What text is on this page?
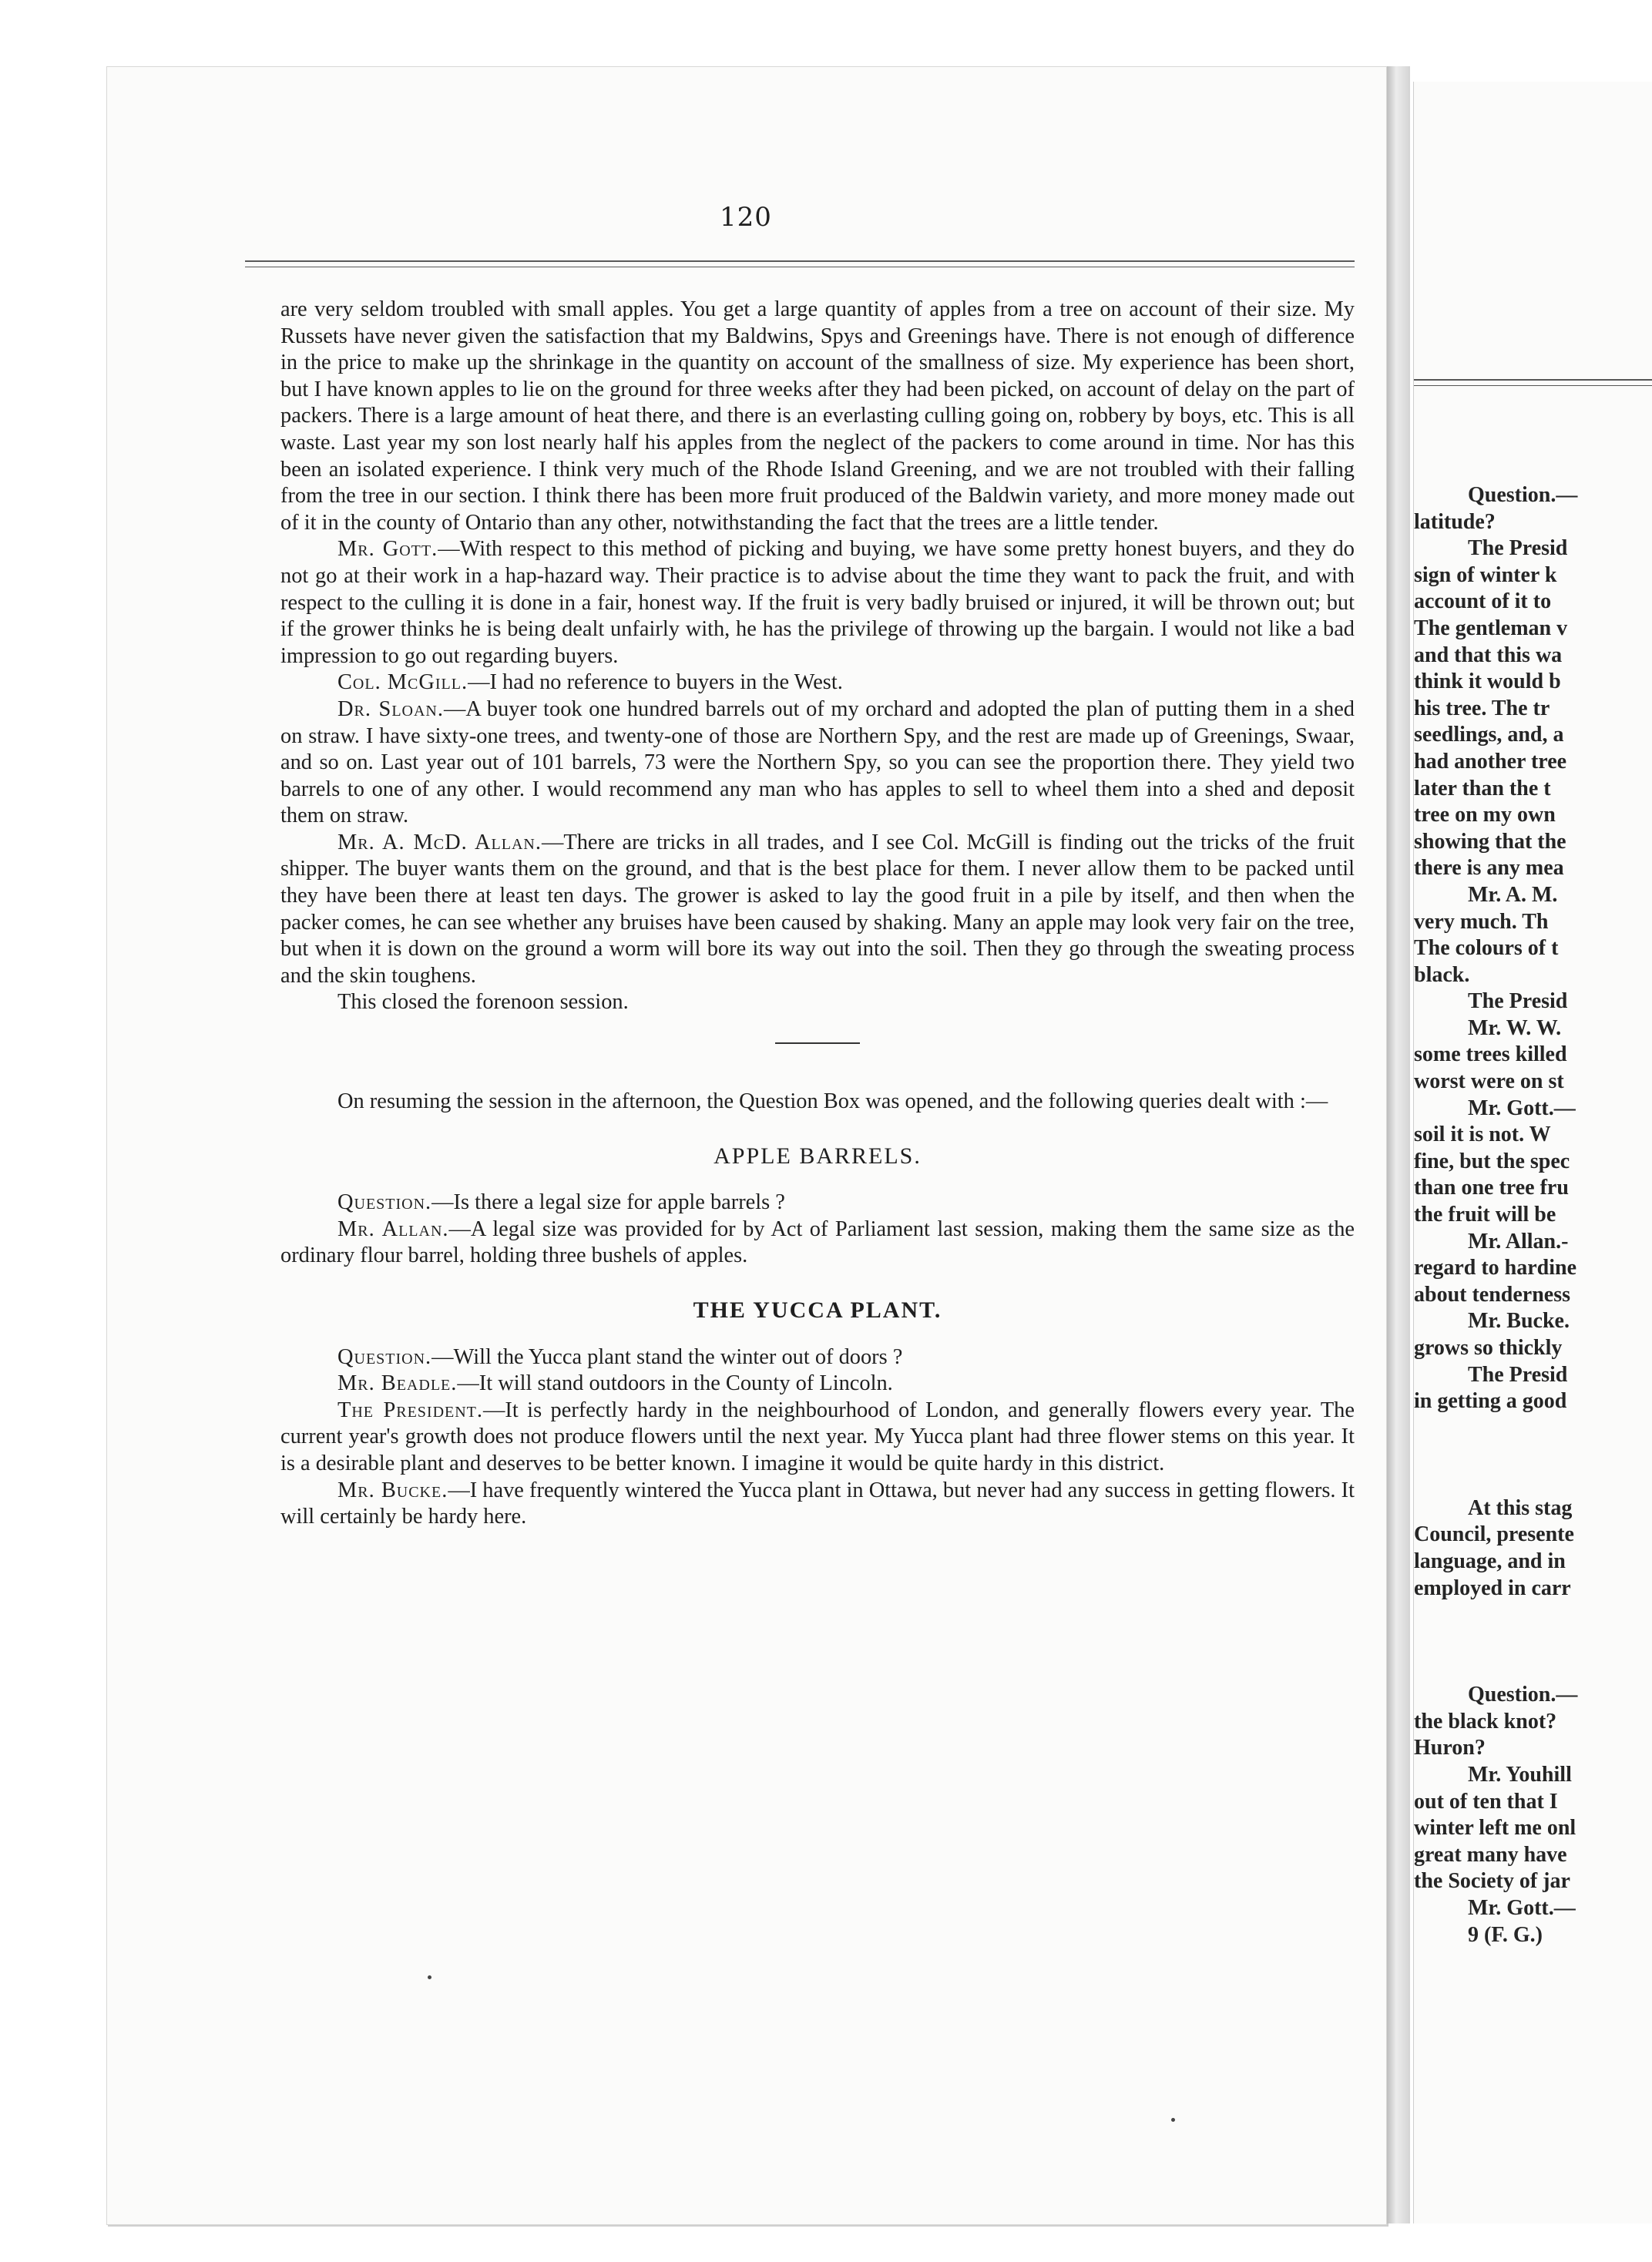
Question.—
latitude?
The Presid
sign of winter k
account of it to
The gentleman v
and that this wa
think it would b
his tree. The tr
seedlings, and, a
had another tree
later than the t
tree on my own
showing that the
there is any mea
Mr. A. M.
very much. Th
The colours of t
black.
The Presid
Mr. W. W.
some trees killed
worst were on st
Mr. Gott.—
soil it is not. W
fine, but the spec
than one tree fru
the fruit will be
Mr. Allan.-
regard to hardine
about tenderness
Mr. Bucke.
grows so thickly
The Presid
in getting a good
At this stag
Council, presente
language, and in
employed in carr
Question.—
the black knot?
Huron?
Mr. Youhill
out of ten that I
winter left me onl
great many have
the Society of jar
Mr. Gott.—
9 (F. G.)
120

are very seldom troubled with small apples. You get a large quantity of apples from a tree on account of their size. My Russets have never given the satisfaction that my Baldwins, Spys and Greenings have. There is not enough of difference in the price to make up the shrinkage in the quantity on account of the smallness of size. My experience has been short, but I have known apples to lie on the ground for three weeks after they had been picked, on account of delay on the part of packers. There is a large amount of heat there, and there is an everlasting culling going on, robbery by boys, etc. This is all waste. Last year my son lost nearly half his apples from the neglect of the packers to come around in time. Nor has this been an isolated experience. I think very much of the Rhode Island Greening, and we are not troubled with their falling from the tree in our section. I think there has been more fruit produced of the Baldwin variety, and more money made out of it in the county of Ontario than any other, notwithstanding the fact that the trees are a little tender.

Mr. Gott.—With respect to this method of picking and buying, we have some pretty honest buyers, and they do not go at their work in a hap-hazard way. Their practice is to advise about the time they want to pack the fruit, and with respect to the culling it is done in a fair, honest way. If the fruit is very badly bruised or injured, it will be thrown out; but if the grower thinks he is being dealt unfairly with, he has the privilege of throwing up the bargain. I would not like a bad impression to go out regarding buyers.

Col. McGill.—I had no reference to buyers in the West.

Dr. Sloan.—A buyer took one hundred barrels out of my orchard and adopted the plan of putting them in a shed on straw. I have sixty-one trees, and twenty-one of those are Northern Spy, and the rest are made up of Greenings, Swaar, and so on. Last year out of 101 barrels, 73 were the Northern Spy, so you can see the proportion there. They yield two barrels to one of any other. I would recommend any man who has apples to sell to wheel them into a shed and deposit them on straw.

Mr. A. McD. Allan.—There are tricks in all trades, and I see Col. McGill is finding out the tricks of the fruit shipper. The buyer wants them on the ground, and that is the best place for them. I never allow them to be packed until they have been there at least ten days. The grower is asked to lay the good fruit in a pile by itself, and then when the packer comes, he can see whether any bruises have been caused by shaking. Many an apple may look very fair on the tree, but when it is down on the ground a worm will bore its way out into the soil. Then they go through the sweating process and the skin toughens.

This closed the forenoon session.

On resuming the session in the afternoon, the Question Box was opened, and the following queries dealt with :—

APPLE BARRELS.

Question.—Is there a legal size for apple barrels ?

Mr. Allan.—A legal size was provided for by Act of Parliament last session, making them the same size as the ordinary flour barrel, holding three bushels of apples.

THE YUCCA PLANT.

Question.—Will the Yucca plant stand the winter out of doors ?

Mr. Beadle.—It will stand outdoors in the County of Lincoln.

The President.—It is perfectly hardy in the neighbourhood of London, and generally flowers every year. The current year's growth does not produce flowers until the next year. My Yucca plant had three flower stems on this year. It is a desirable plant and deserves to be better known. I imagine it would be quite hardy in this district.

Mr. Bucke.—I have frequently wintered the Yucca plant in Ottawa, but never had any success in getting flowers. It will certainly be hardy here.
